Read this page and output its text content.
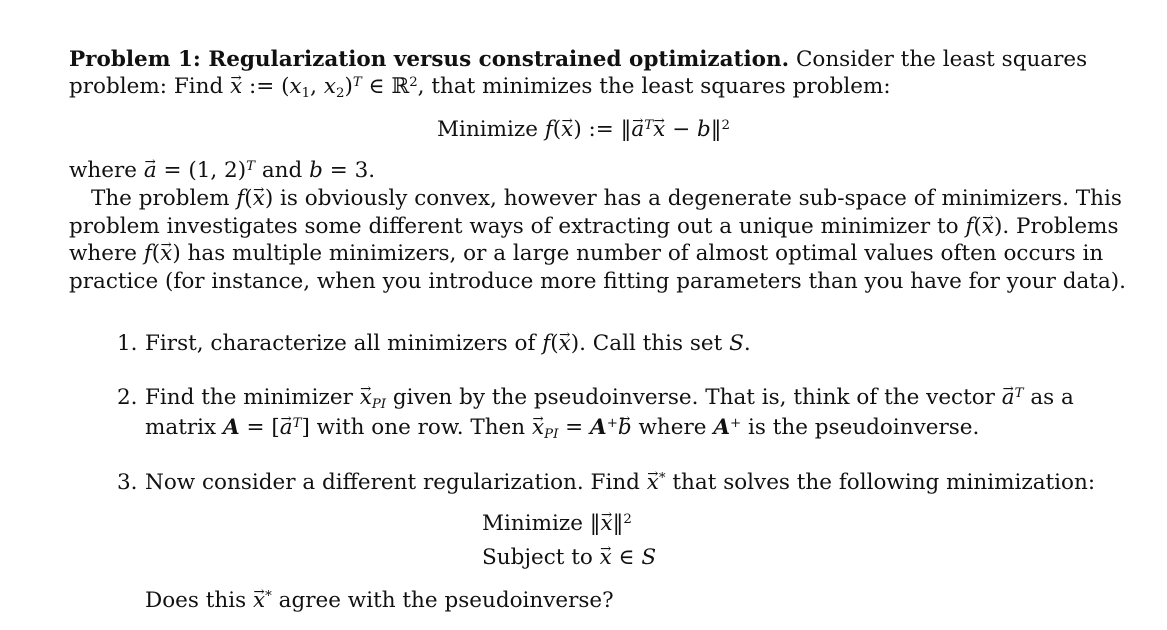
Problem 1: Regularization versus constrained optimization. Consider the least squares
problem: Find → x := ($x_1$, $x_2)^T$ ∈ ℝ$^2$, that minimizes the least squares problem:
Minimize f(→ x) := ‖→ $a^T\to x$ − b‖$^2$
where → a = (1, 2)$^T$ and b = 3.
The problem f(→ x) is obviously convex, however has a degenerate sub-space of minimizers. This
problem investigates some different ways of extracting out a unique minimizer to f(→ x). Problems
where f(→ x) has multiple minimizers, or a large number of almost optimal values often occurs in
practice (for instance, when you introduce more fitting parameters than you have for your data).
1. First, characterize all minimizers of f(→ x). Call this set S.
2. Find the minimizer → $x_{PI}$ given by the pseudoinverse. That is, think of the vector → $a^T$ as a
matrix A = [→ $a^T$] with one row. Then → $x_{PI} = A^+\to b$ where A+ is the pseudoinverse.
3. Now consider a different regularization. Find → x* that solves the following minimization:
Minimize ‖→ x‖$^2$
Subject to → x ∈ S
Does this → x* agree with the pseudoinverse?
